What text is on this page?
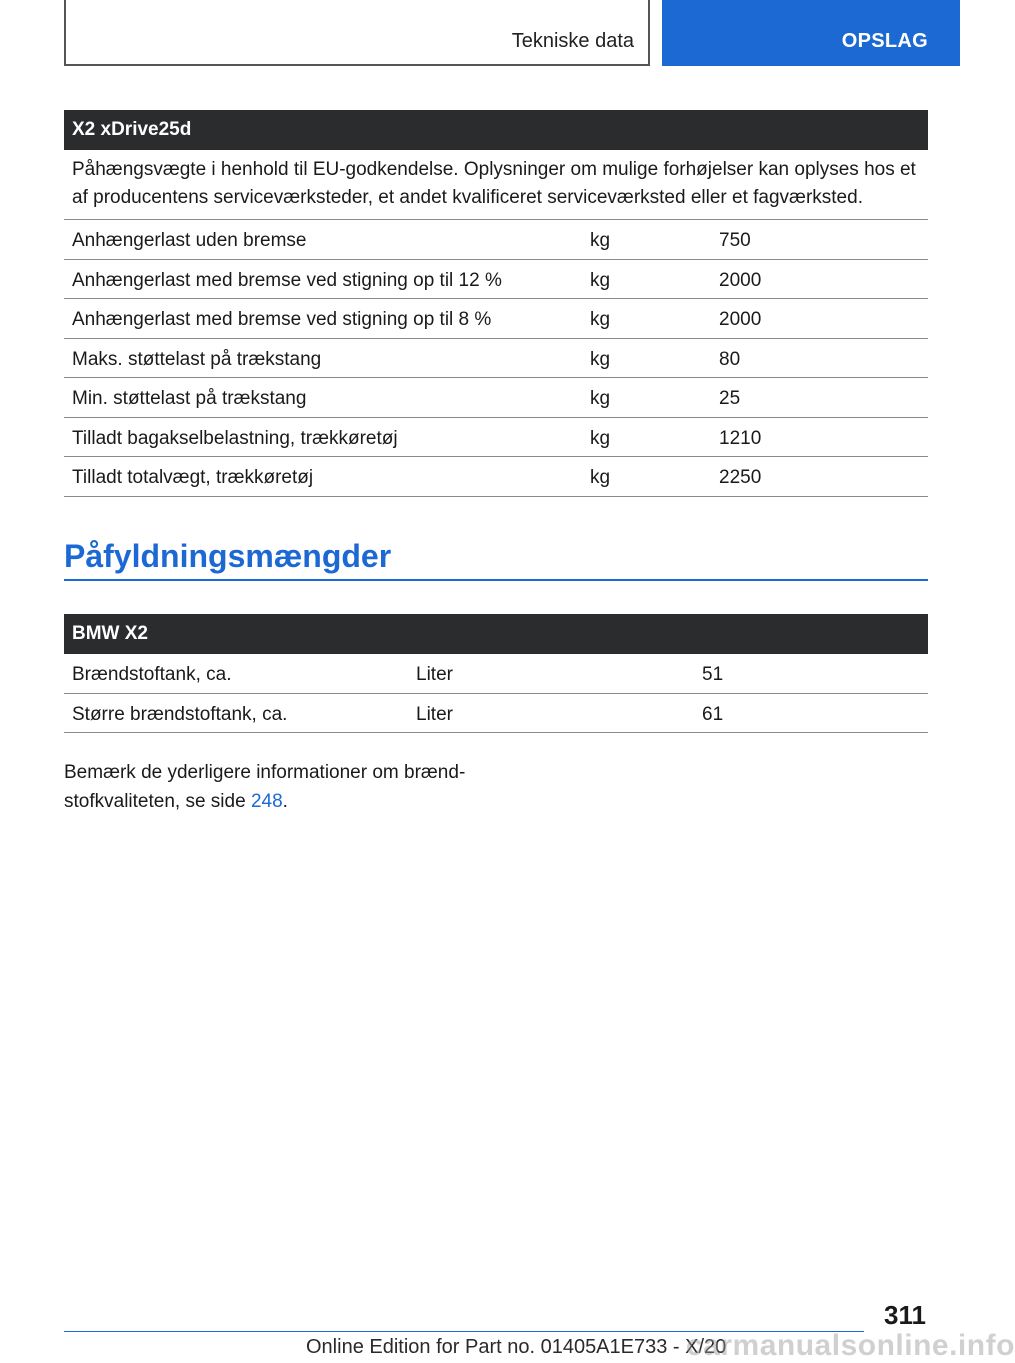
Tekniske data	OPSLAG
X2 xDrive25d
Påhængsvægte i henhold til EU-godkendelse. Oplysninger om mulige forhøjelser kan oplyses hos et af producentens serviceværksteder, et andet kvalificeret serviceværksted eller et fagværksted.
Anhængerlast uden bremse	kg	750
Anhængerlast med bremse ved stigning op til 12 %	kg	2000
Anhængerlast med bremse ved stigning op til 8 %	kg	2000
Maks. støttelast på trækstang	kg	80
Min. støttelast på trækstang	kg	25
Tilladt bagakselbelastning, trækkøretøj	kg	1210
Tilladt totalvægt, trækkøretøj	kg	2250
Påfyldningsmængder
BMW X2
Brændstoftank, ca.	Liter	51
Større brændstoftank, ca.	Liter	61
Bemærk de yderligere informationer om brænd-
stofkvaliteten, se side 248.
311
Online Edition for Part no. 01405A1E733 - X/20
carmanualsonline.info
